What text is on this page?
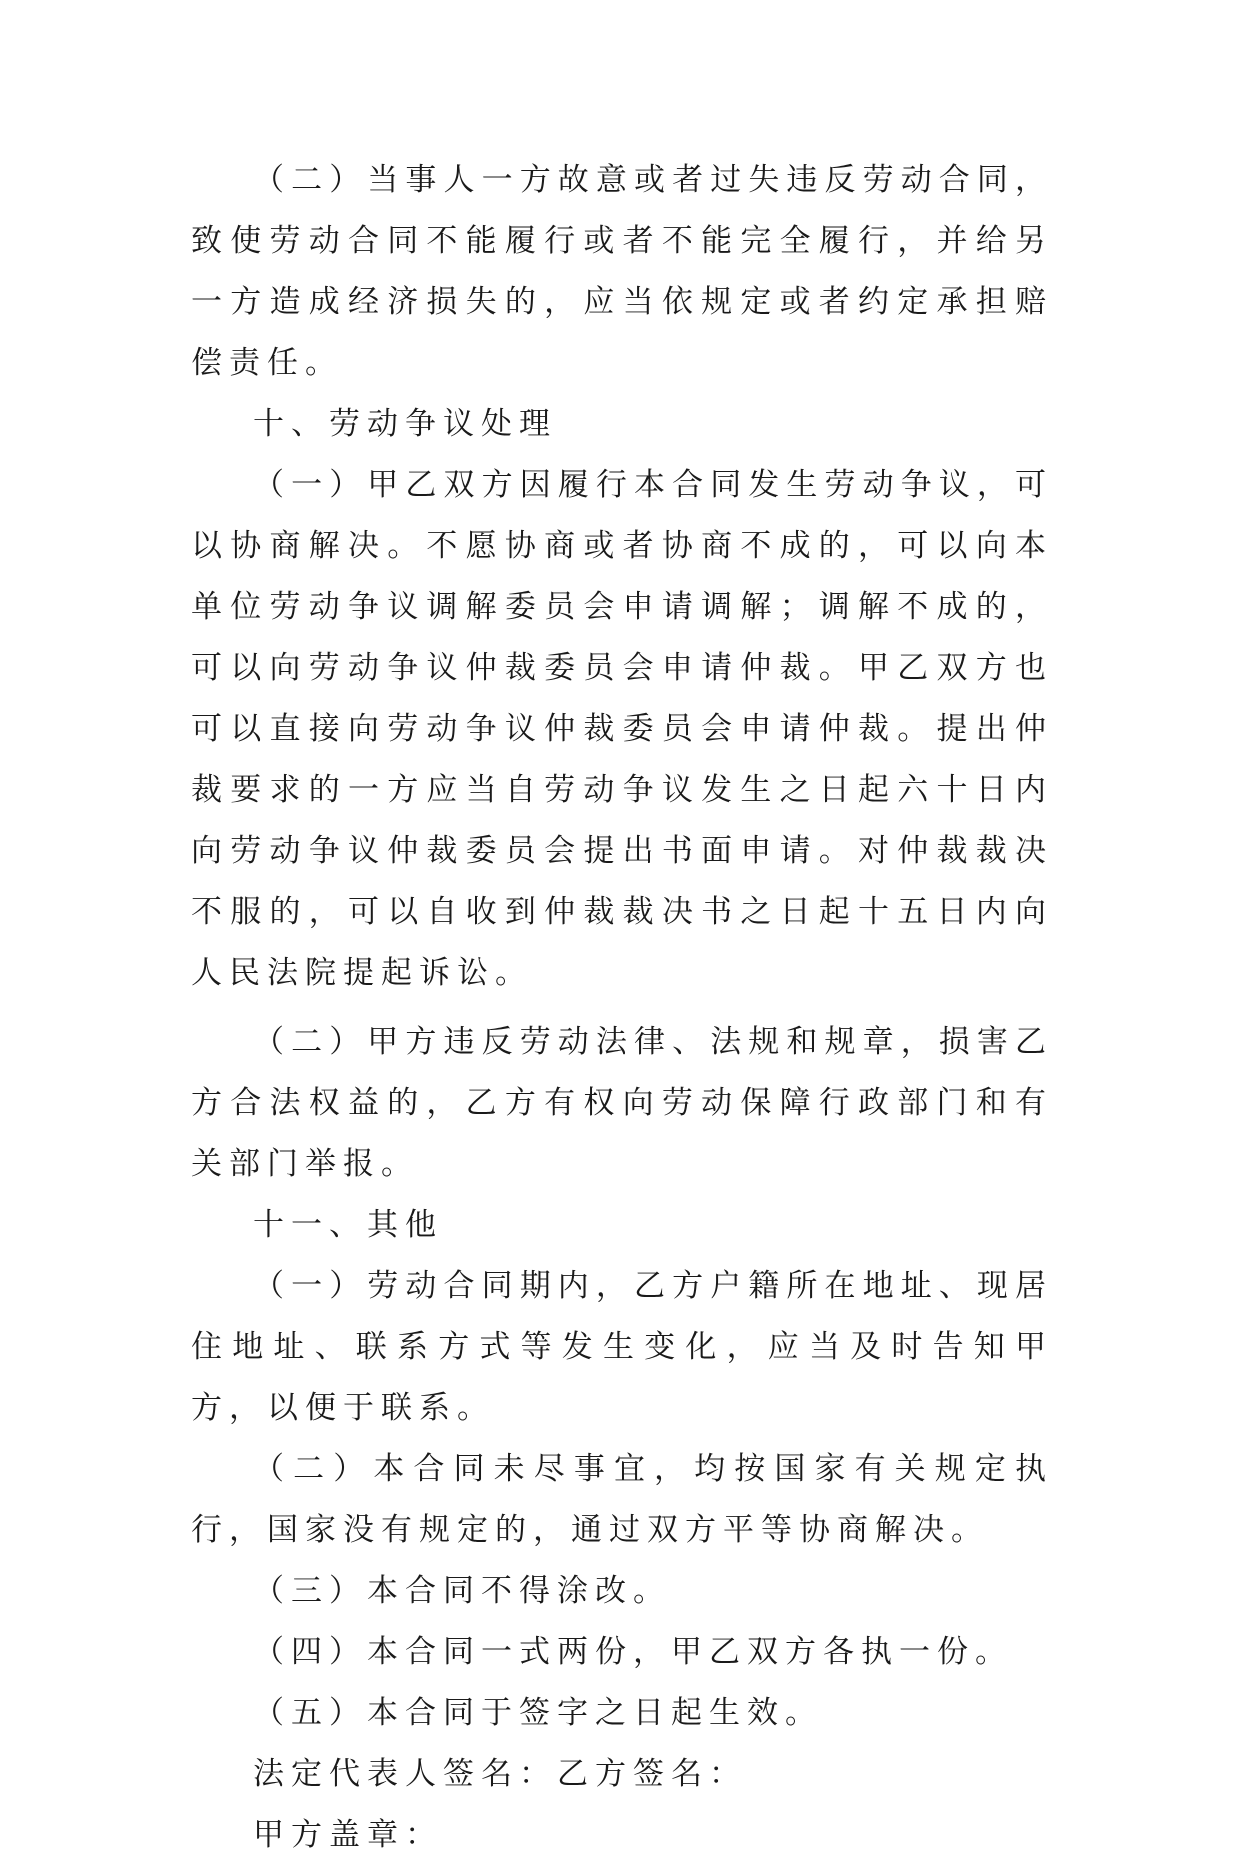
（二）当事人一方故意或者过失违反劳动合同，致使劳动合同不能履行或者不能完全履行，并给另一方造成经济损失的，应当依规定或者约定承担赔偿责任。

十、劳动争议处理

（一）甲乙双方因履行本合同发生劳动争议，可以协商解决。不愿协商或者协商不成的，可以向本单位劳动争议调解委员会申请调解；调解不成的，可以向劳动争议仲裁委员会申请仲裁。甲乙双方也可以直接向劳动争议仲裁委员会申请仲裁。提出仲裁要求的一方应当自劳动争议发生之日起六十日内向劳动争议仲裁委员会提出书面申请。对仲裁裁决不服的，可以自收到仲裁裁决书之日起十五日内向人民法院提起诉讼。

（二）甲方违反劳动法律、法规和规章，损害乙方合法权益的，乙方有权向劳动保障行政部门和有关部门举报。

十一、其他

（一）劳动合同期内，乙方户籍所在地址、现居住地址、联系方式等发生变化，应当及时告知甲方，以便于联系。

（二）本合同未尽事宜，均按国家有关规定执行，国家没有规定的，通过双方平等协商解决。

（三）本合同不得涂改。

（四）本合同一式两份，甲乙双方各执一份。

（五）本合同于签字之日起生效。

法定代表人签名：乙方签名：

甲方盖章：
